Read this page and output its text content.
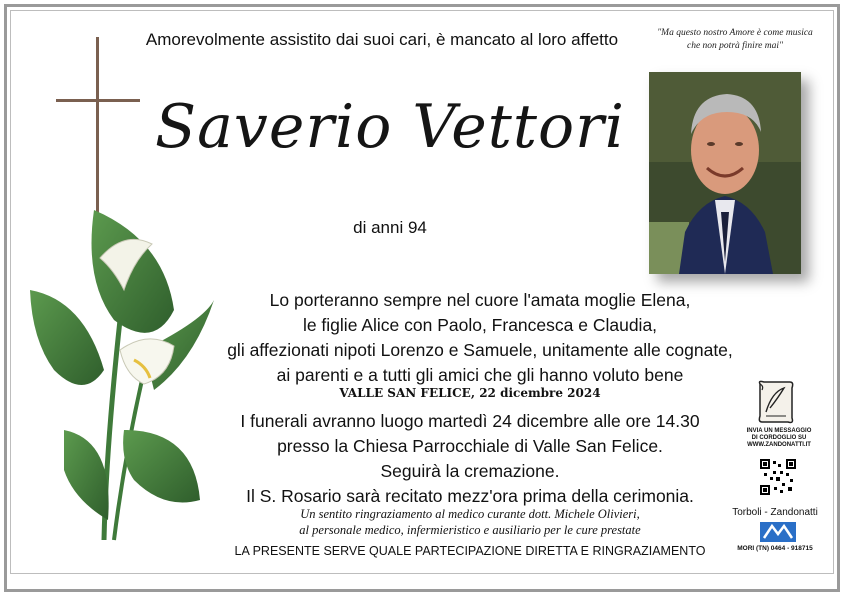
Amorevolmente assistito dai suoi cari, è mancato al loro affetto	"Ma questo nostro Amore è come musica
che non potrà finire mai"
Saverio Vettori
di anni 94
Lo porteranno sempre nel cuore l'amata moglie Elena,
le figlie Alice con Paolo, Francesca e Claudia,
gli affezionati nipoti Lorenzo e Samuele, unitamente alle cognate,
ai parenti e a tutti gli amici che gli hanno voluto bene
VALLE SAN FELICE, 22 dicembre 2024
I funerali avranno luogo martedì 24 dicembre alle ore 14.30
presso la Chiesa Parrocchiale di Valle San Felice.
Seguirà la cremazione.
Il S. Rosario sarà recitato mezz'ora prima della cerimonia.
Un sentito ringraziamento al medico curante dott. Michele Olivieri,
al personale medico, infermieristico e ausiliario per le cure prestate
LA PRESENTE SERVE QUALE PARTECIPAZIONE DIRETTA E RINGRAZIAMENTO
INVIA UN MESSAGGIO
DI CORDOGLIO SU
WWW.ZANDONATTI.IT
Torboli - Zandonatti
MORI (TN) 0464 - 918715
